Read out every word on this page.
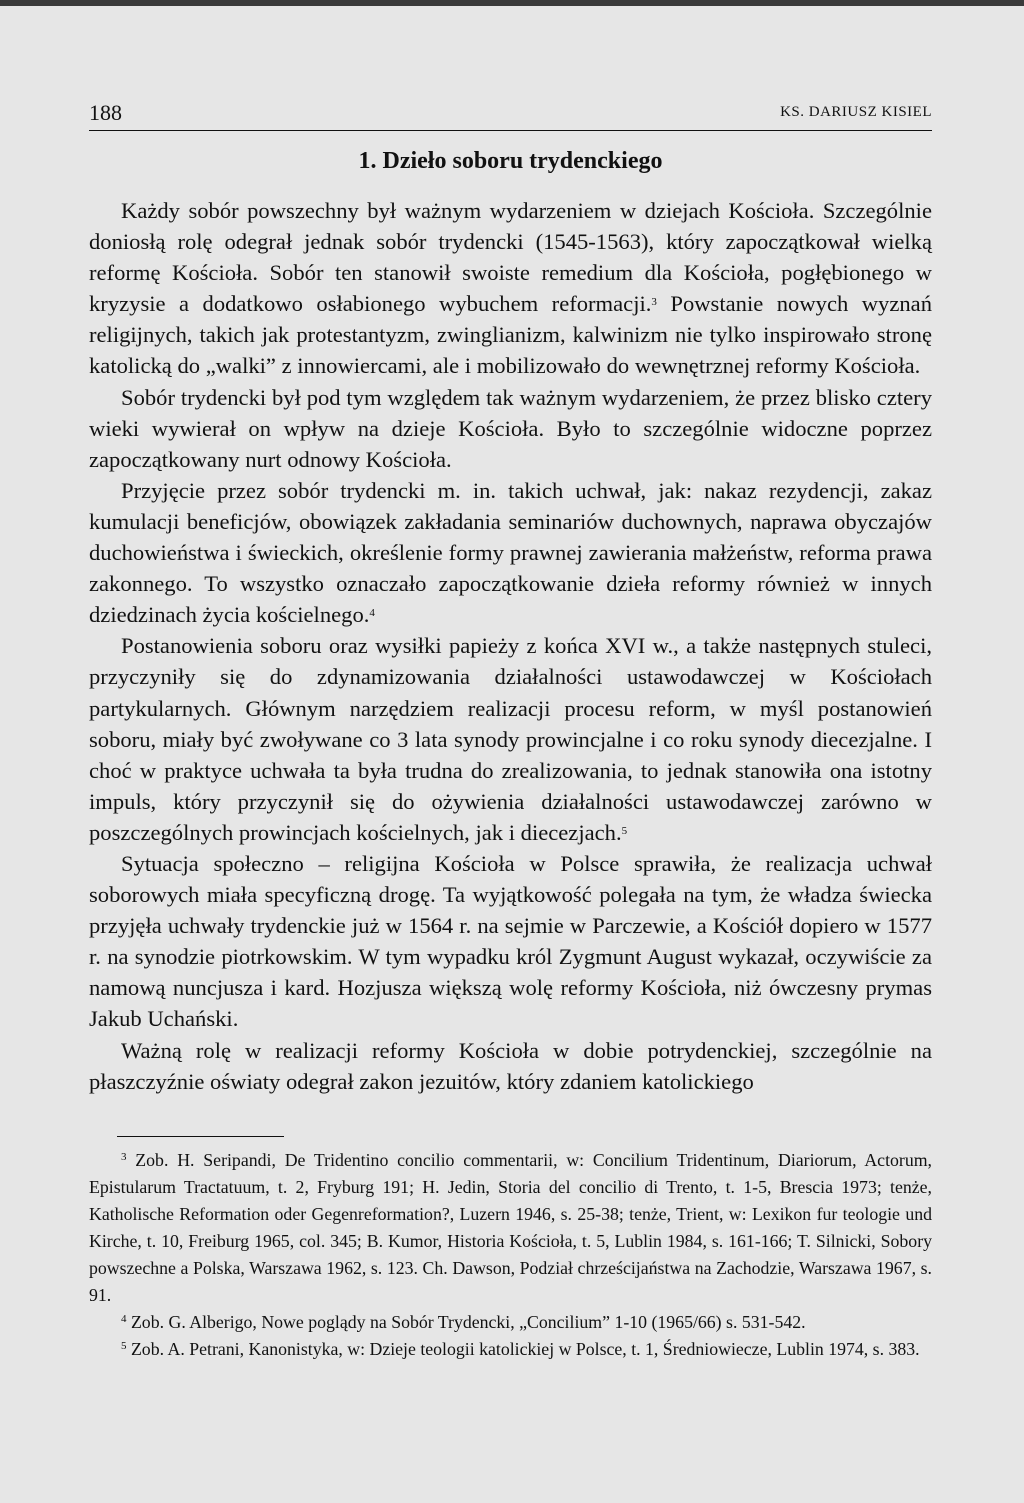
188	KS. DARIUSZ KISIEL
1. Dzieło soboru trydenckiego

Każdy sobór powszechny był ważnym wydarzeniem w dziejach Kościoła. Szczególnie doniosłą rolę odegrał jednak sobór trydencki (1545-1563), który zapoczątkował wielką reformę Kościoła. Sobór ten stanowił swoiste remedium dla Kościoła, pogłębionego w kryzysie a dodatkowo osłabionego wybuchem reformacji.$^3$ Powstanie nowych wyznań religijnych, takich jak protestantyzm, zwinglianizm, kalwinizm nie tylko inspirowało stronę katolicką do „walki” z innowiercami, ale i mobilizowało do wewnętrznej reformy Kościoła.

Sobór trydencki był pod tym względem tak ważnym wydarzeniem, że przez blisko cztery wieki wywierał on wpływ na dzieje Kościoła. Było to szczególnie widoczne poprzez zapoczątkowany nurt odnowy Kościoła.

Przyjęcie przez sobór trydencki m. in. takich uchwał, jak: nakaz rezydencji, zakaz kumulacji beneficjów, obowiązek zakładania seminariów duchownych, naprawa obyczajów duchowieństwa i świeckich, określenie formy prawnej zawierania małżeństw, reforma prawa zakonnego. To wszystko oznaczało zapoczątkowanie dzieła reformy również w innych dziedzinach życia kościelnego.$^4$

Postanowienia soboru oraz wysiłki papieży z końca XVI w., a także następnych stuleci, przyczyniły się do zdynamizowania działalności ustawodawczej w Kościołach partykularnych. Głównym narzędziem realizacji procesu reform, w myśl postanowień soboru, miały być zwoływane co 3 lata synody prowincjalne i co roku synody diecezjalne. I choć w praktyce uchwała ta była trudna do zrealizowania, to jednak stanowiła ona istotny impuls, który przyczynił się do ożywienia działalności ustawodawczej zarówno w poszczególnych prowincjach kościelnych, jak i diecezjach.$^5$

Sytuacja społeczno – religijna Kościoła w Polsce sprawiła, że realizacja uchwał soborowych miała specyficzną drogę. Ta wyjątkowość polegała na tym, że władza świecka przyjęła uchwały trydenckie już w 1564 r. na sejmie w Parczewie, a Kościół dopiero w 1577 r. na synodzie piotrkowskim. W tym wypadku król Zygmunt August wykazał, oczywiście za namową nuncjusza i kard. Hozjusza większą wolę reformy Kościoła, niż ówczesny prymas Jakub Uchański.

Ważną rolę w realizacji reformy Kościoła w dobie potrydenckiej, szczególnie na płaszczyźnie oświaty odegrał zakon jezuitów, który zdaniem katolickiego

$^3$ Zob. H. Seripandi, De Tridentino concilio commentarii, w: Concilium Tridentinum, Diariorum, Actorum, Epistularum Tractatuum, t. 2, Fryburg 191; H. Jedin, Storia del concilio di Trento, t. 1-5, Brescia 1973; tenże, Katholische Reformation oder Gegenreformation?, Luzern 1946, s. 25-38; tenże, Trient, w: Lexikon fur teologie und Kirche, t. 10, Freiburg 1965, col. 345; B. Kumor, Historia Kościoła, t. 5, Lublin 1984, s. 161-166; T. Silnicki, Sobory powszechne a Polska, Warszawa 1962, s. 123. Ch. Dawson, Podział chrześcijaństwa na Zachodzie, Warszawa 1967, s. 91.

$^4$ Zob. G. Alberigo, Nowe poglądy na Sobór Trydencki, „Concilium” 1-10 (1965/66) s. 531-542.

$^5$ Zob. A. Petrani, Kanonistyka, w: Dzieje teologii katolickiej w Polsce, t. 1, Średniowiecze, Lublin 1974, s. 383.
